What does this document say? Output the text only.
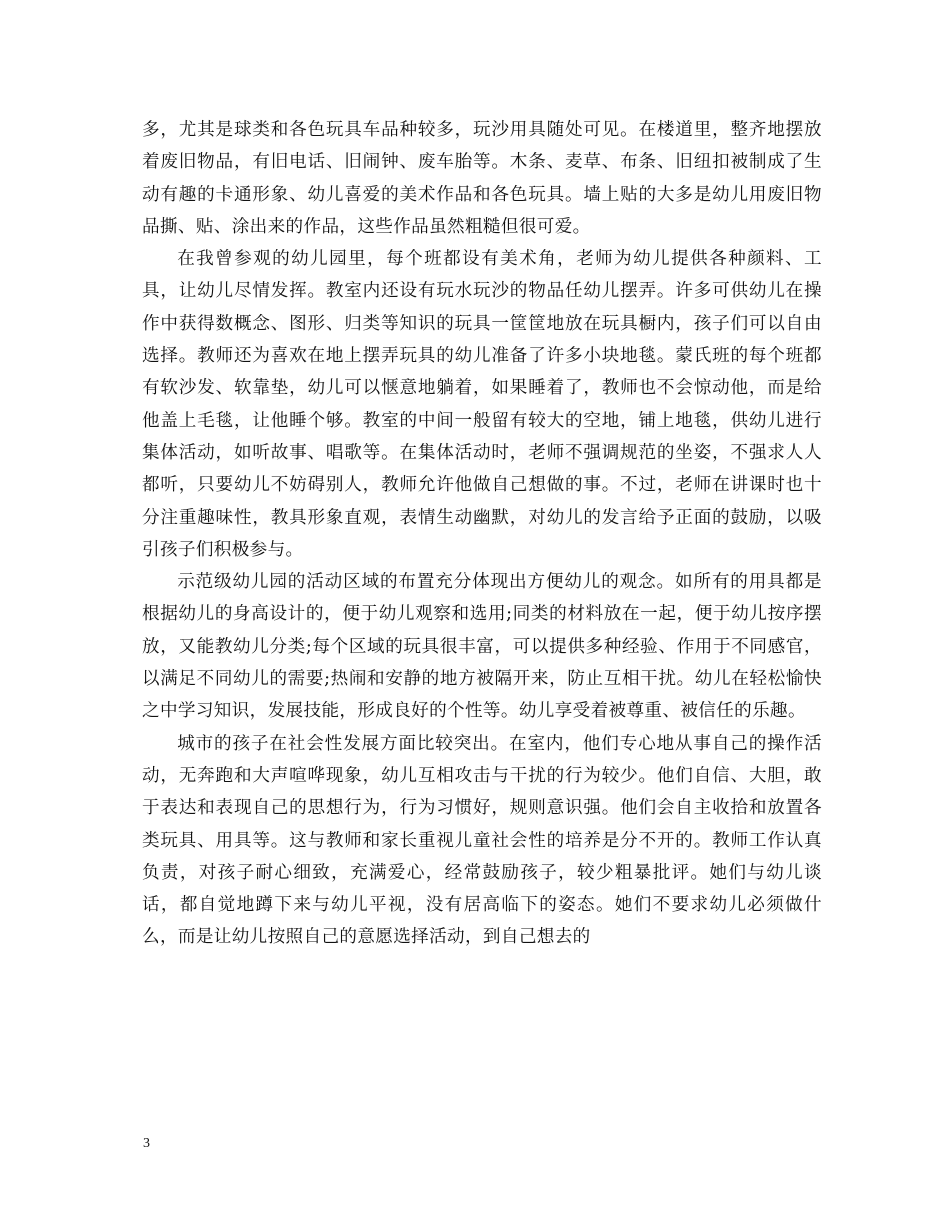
多，尤其是球类和各色玩具车品种较多，玩沙用具随处可见。在楼道里，整齐地摆放着废旧物品，有旧电话、旧闹钟、废车胎等。木条、麦草、布条、旧纽扣被制成了生动有趣的卡通形象、幼儿喜爱的美术作品和各色玩具。墙上贴的大多是幼儿用废旧物品撕、贴、涂出来的作品，这些作品虽然粗糙但很可爱。

在我曾参观的幼儿园里，每个班都设有美术角，老师为幼儿提供各种颜料、工具，让幼儿尽情发挥。教室内还设有玩水玩沙的物品任幼儿摆弄。许多可供幼儿在操作中获得数概念、图形、归类等知识的玩具一筐筐地放在玩具橱内，孩子们可以自由选择。教师还为喜欢在地上摆弄玩具的幼儿准备了许多小块地毯。蒙氏班的每个班都有软沙发、软靠垫，幼儿可以惬意地躺着，如果睡着了，教师也不会惊动他，而是给他盖上毛毯，让他睡个够。教室的中间一般留有较大的空地，铺上地毯，供幼儿进行集体活动，如听故事、唱歌等。在集体活动时，老师不强调规范的坐姿，不强求人人都听，只要幼儿不妨碍别人，教师允许他做自己想做的事。不过，老师在讲课时也十分注重趣味性，教具形象直观，表情生动幽默，对幼儿的发言给予正面的鼓励，以吸引孩子们积极参与。

示范级幼儿园的活动区域的布置充分体现出方便幼儿的观念。如所有的用具都是根据幼儿的身高设计的，便于幼儿观察和选用;同类的材料放在一起，便于幼儿按序摆放，又能教幼儿分类;每个区域的玩具很丰富，可以提供多种经验、作用于不同感官，以满足不同幼儿的需要;热闹和安静的地方被隔开来，防止互相干扰。幼儿在轻松愉快之中学习知识，发展技能，形成良好的个性等。幼儿享受着被尊重、被信任的乐趣。

城市的孩子在社会性发展方面比较突出。在室内，他们专心地从事自己的操作活动，无奔跑和大声喧哗现象，幼儿互相攻击与干扰的行为较少。他们自信、大胆，敢于表达和表现自己的思想行为，行为习惯好，规则意识强。他们会自主收拾和放置各类玩具、用具等。这与教师和家长重视儿童社会性的培养是分不开的。教师工作认真负责，对孩子耐心细致，充满爱心，经常鼓励孩子，较少粗暴批评。她们与幼儿谈话，都自觉地蹲下来与幼儿平视，没有居高临下的姿态。她们不要求幼儿必须做什么，而是让幼儿按照自己的意愿选择活动，到自己想去的

3
